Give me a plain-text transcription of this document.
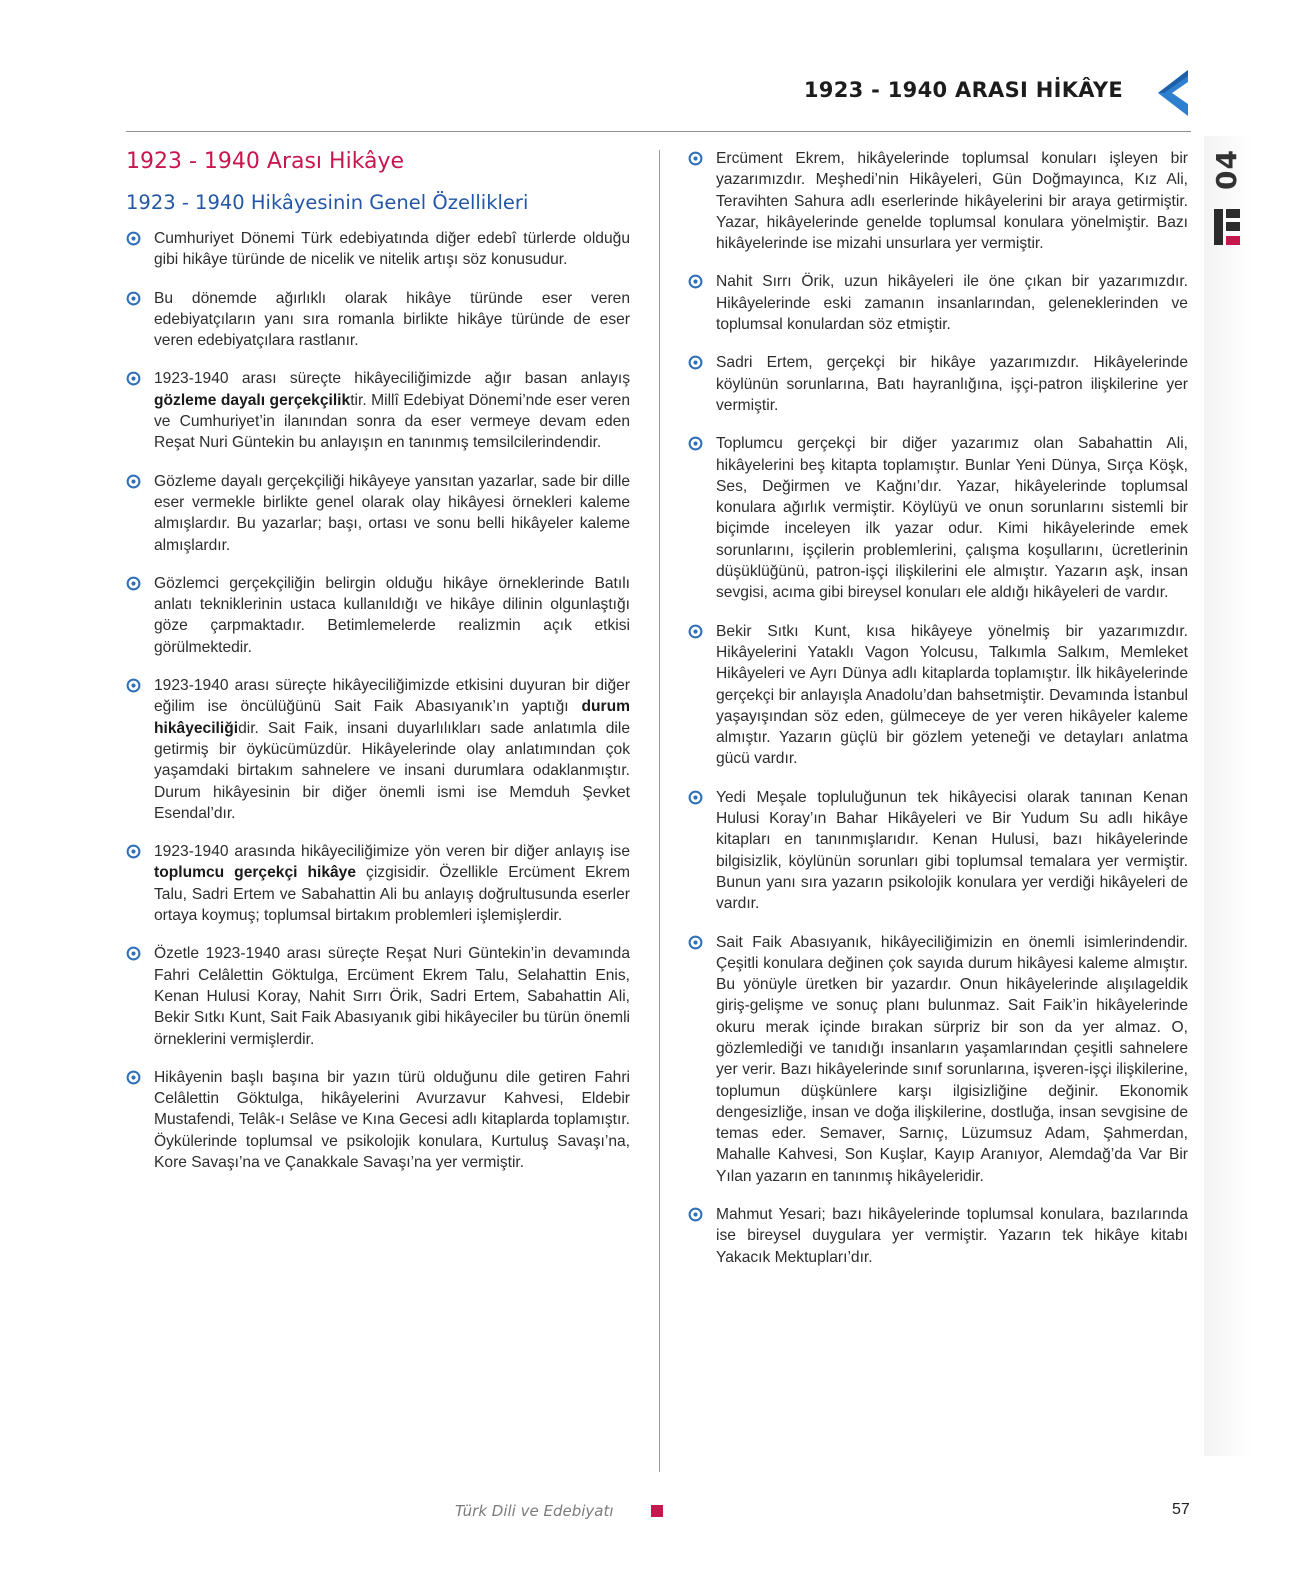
1923 - 1940 ARASI HİKÂYE
04
1923 - 1940 Arası Hikâye
1923 - 1940 Hikâyesinin Genel Özellikleri

Cumhuriyet Dönemi Türk edebiyatında diğer edebî türlerde olduğu gibi hikâye türünde de nicelik ve nitelik artışı söz konusudur.

Bu dönemde ağırlıklı olarak hikâye türünde eser veren edebiyatçıların yanı sıra romanla birlikte hikâye türünde de eser veren edebiyatçılara rastlanır.

1923-1940 arası süreçte hikâyeciliğimizde ağır basan anlayış gözleme dayalı gerçekçiliktir. Millî Edebiyat Dönemi’nde eser veren ve Cumhuriyet’in ilanından sonra da eser vermeye devam eden Reşat Nuri Güntekin bu anlayışın en tanınmış temsilcilerindendir.

Gözleme dayalı gerçekçiliği hikâyeye yansıtan yazarlar, sade bir dille eser vermekle birlikte genel olarak olay hikâyesi örnekleri kaleme almışlardır. Bu yazarlar; başı, ortası ve sonu belli hikâyeler kaleme almışlardır.

Gözlemci gerçekçiliğin belirgin olduğu hikâye örneklerinde Batılı anlatı tekniklerinin ustaca kullanıldığı ve hikâye dilinin olgunlaştığı göze çarpmaktadır. Betimlemelerde realizmin açık etkisi görülmektedir.

1923-1940 arası süreçte hikâyeciliğimizde etkisini duyuran bir diğer eğilim ise öncülüğünü Sait Faik Abasıyanık’ın yaptığı durum hikâyeciliğidir. Sait Faik, insani duyarlılıkları sade anlatımla dile getirmiş bir öykücümüzdür. Hikâyelerinde olay anlatımından çok yaşamdaki birtakım sahnelere ve insani durumlara odaklanmıştır. Durum hikâyesinin bir diğer önemli ismi ise Memduh Şevket Esendal’dır.

1923-1940 arasında hikâyeciliğimize yön veren bir diğer anlayış ise toplumcu gerçekçi hikâye çizgisidir. Özellikle Ercüment Ekrem Talu, Sadri Ertem ve Sabahattin Ali bu anlayış doğrultusunda eserler ortaya koymuş; toplumsal birtakım problemleri işlemişlerdir.

Özetle 1923-1940 arası süreçte Reşat Nuri Güntekin’in devamında Fahri Celâlettin Göktulga, Ercüment Ekrem Talu, Selahattin Enis, Kenan Hulusi Koray, Nahit Sırrı Örik, Sadri Ertem, Sabahattin Ali, Bekir Sıtkı Kunt, Sait Faik Abasıyanık gibi hikâyeciler bu türün önemli örneklerini vermişlerdir.

Hikâyenin başlı başına bir yazın türü olduğunu dile getiren Fahri Celâlettin Göktulga, hikâyelerini Avurzavur Kahvesi, Eldebir Mustafendi, Telâk-ı Selâse ve Kına Gecesi adlı kitaplarda toplamıştır. Öykülerinde toplumsal ve psikolojik konulara, Kurtuluş Savaşı’na, Kore Savaşı’na ve Çanakkale Savaşı’na yer vermiştir.

Ercüment Ekrem, hikâyelerinde toplumsal konuları işleyen bir yazarımızdır. Meşhedi’nin Hikâyeleri, Gün Doğmayınca, Kız Ali, Teravihten Sahura adlı eserlerinde hikâyelerini bir araya getirmiştir. Yazar, hikâyelerinde genelde toplumsal konulara yönelmiştir. Bazı hikâyelerinde ise mizahi unsurlara yer vermiştir.

Nahit Sırrı Örik, uzun hikâyeleri ile öne çıkan bir yazarımızdır. Hikâyelerinde eski zamanın insanlarından, geleneklerinden ve toplumsal konulardan söz etmiştir.

Sadri Ertem, gerçekçi bir hikâye yazarımızdır. Hikâyelerinde köylünün sorunlarına, Batı hayranlığına, işçi-patron ilişkilerine yer vermiştir.

Toplumcu gerçekçi bir diğer yazarımız olan Sabahattin Ali, hikâyelerini beş kitapta toplamıştır. Bunlar Yeni Dünya, Sırça Köşk, Ses, Değirmen ve Kağnı’dır. Yazar, hikâyelerinde toplumsal konulara ağırlık vermiştir. Köylüyü ve onun sorunlarını sistemli bir biçimde inceleyen ilk yazar odur. Kimi hikâyelerinde emek sorunlarını, işçilerin problemlerini, çalışma koşullarını, ücretlerinin düşüklüğünü, patron-işçi ilişkilerini ele almıştır. Yazarın aşk, insan sevgisi, acıma gibi bireysel konuları ele aldığı hikâyeleri de vardır.

Bekir Sıtkı Kunt, kısa hikâyeye yönelmiş bir yazarımızdır. Hikâyelerini Yataklı Vagon Yolcusu, Talkımla Salkım, Memleket Hikâyeleri ve Ayrı Dünya adlı kitaplarda toplamıştır. İlk hikâyelerinde gerçekçi bir anlayışla Anadolu’dan bahsetmiştir. Devamında İstanbul yaşayışından söz eden, gülmeceye de yer veren hikâyeler kaleme almıştır. Yazarın güçlü bir gözlem yeteneği ve detayları anlatma gücü vardır.

Yedi Meşale topluluğunun tek hikâyecisi olarak tanınan Kenan Hulusi Koray’ın Bahar Hikâyeleri ve Bir Yudum Su adlı hikâye kitapları en tanınmışlarıdır. Kenan Hulusi, bazı hikâyelerinde bilgisizlik, köylünün sorunları gibi toplumsal temalara yer vermiştir. Bunun yanı sıra yazarın psikolojik konulara yer verdiği hikâyeleri de vardır.

Sait Faik Abasıyanık, hikâyeciliğimizin en önemli isimlerindendir. Çeşitli konulara değinen çok sayıda durum hikâyesi kaleme almıştır. Bu yönüyle üretken bir yazardır. Onun hikâyelerinde alışılageldik giriş-gelişme ve sonuç planı bulunmaz. Sait Faik’in hikâyelerinde okuru merak içinde bırakan sürpriz bir son da yer almaz. O, gözlemlediği ve tanıdığı insanların yaşamlarından çeşitli sahnelere yer verir. Bazı hikâyelerinde sınıf sorunlarına, işveren-işçi ilişkilerine, toplumun düşkünlere karşı ilgisizliğine değinir. Ekonomik dengesizliğe, insan ve doğa ilişkilerine, dostluğa, insan sevgisine de temas eder. Semaver, Sarnıç, Lüzumsuz Adam, Şahmerdan, Mahalle Kahvesi, Son Kuşlar, Kayıp Aranıyor, Alemdağ’da Var Bir Yılan yazarın en tanınmış hikâyeleridir.

Mahmut Yesari; bazı hikâyelerinde toplumsal konulara, bazılarında ise bireysel duygulara yer vermiştir. Yazarın tek hikâye kitabı Yakacık Mektupları’dır.

Türk Dili ve Edebiyatı	57
